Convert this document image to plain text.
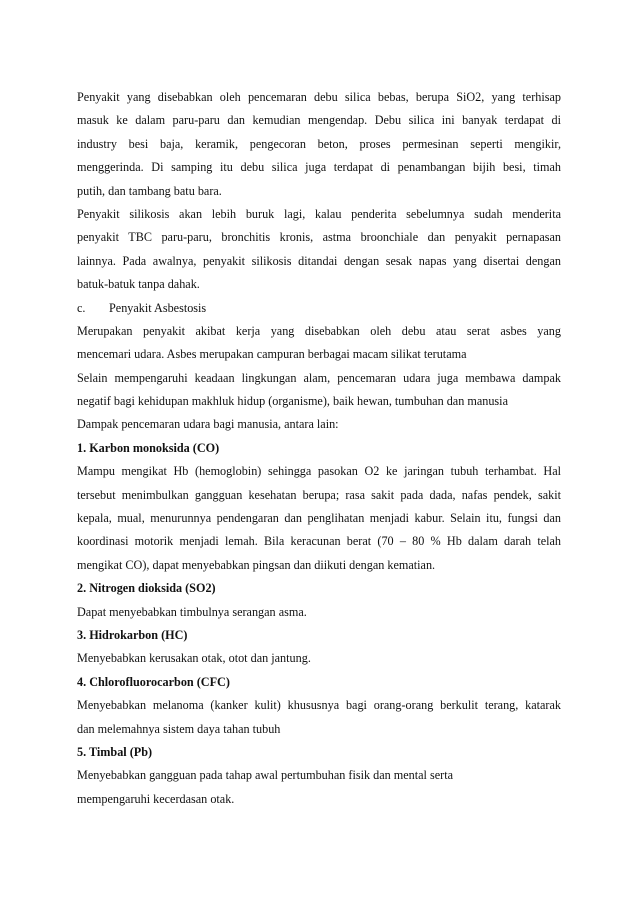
Penyakit yang disebabkan oleh pencemaran debu silica bebas, berupa SiO2, yang terhisap
masuk ke dalam paru-paru dan kemudian mengendap. Debu silica ini banyak terdapat di
industry besi baja, keramik, pengecoran beton, proses permesinan seperti mengikir,
menggerinda. Di samping itu debu silica juga terdapat di penambangan bijih besi, timah
putih, dan tambang batu bara.
Penyakit silikosis akan lebih buruk lagi, kalau penderita sebelumnya sudah menderita
penyakit TBC paru-paru, bronchitis kronis, astma broonchiale dan penyakit pernapasan
lainnya. Pada awalnya, penyakit silikosis ditandai dengan sesak napas yang disertai dengan
batuk-batuk tanpa dahak.
c. Penyakit Asbestosis
Merupakan penyakit akibat kerja yang disebabkan oleh debu atau serat asbes yang
mencemari udara. Asbes merupakan campuran berbagai macam silikat terutama
Selain mempengaruhi keadaan lingkungan alam, pencemaran udara juga membawa dampak
negatif bagi kehidupan makhluk hidup (organisme), baik hewan, tumbuhan dan manusia
Dampak pencemaran udara bagi manusia, antara lain:
1. Karbon monoksida (CO)
Mampu mengikat Hb (hemoglobin) sehingga pasokan O2 ke jaringan tubuh terhambat. Hal
tersebut menimbulkan gangguan kesehatan berupa; rasa sakit pada dada, nafas pendek, sakit
kepala, mual, menurunnya pendengaran dan penglihatan menjadi kabur. Selain itu, fungsi dan
koordinasi motorik menjadi lemah. Bila keracunan berat (70 – 80 % Hb dalam darah telah
mengikat CO), dapat menyebabkan pingsan dan diikuti dengan kematian.
2. Nitrogen dioksida (SO2)
Dapat menyebabkan timbulnya serangan asma.
3. Hidrokarbon (HC)
Menyebabkan kerusakan otak, otot dan jantung.
4. Chlorofluorocarbon (CFC)
Menyebabkan melanoma (kanker kulit) khususnya bagi orang-orang berkulit terang, katarak
dan melemahnya sistem daya tahan tubuh
5. Timbal (Pb)
Menyebabkan gangguan pada tahap awal pertumbuhan fisik dan mental serta
mempengaruhi kecerdasan otak.
